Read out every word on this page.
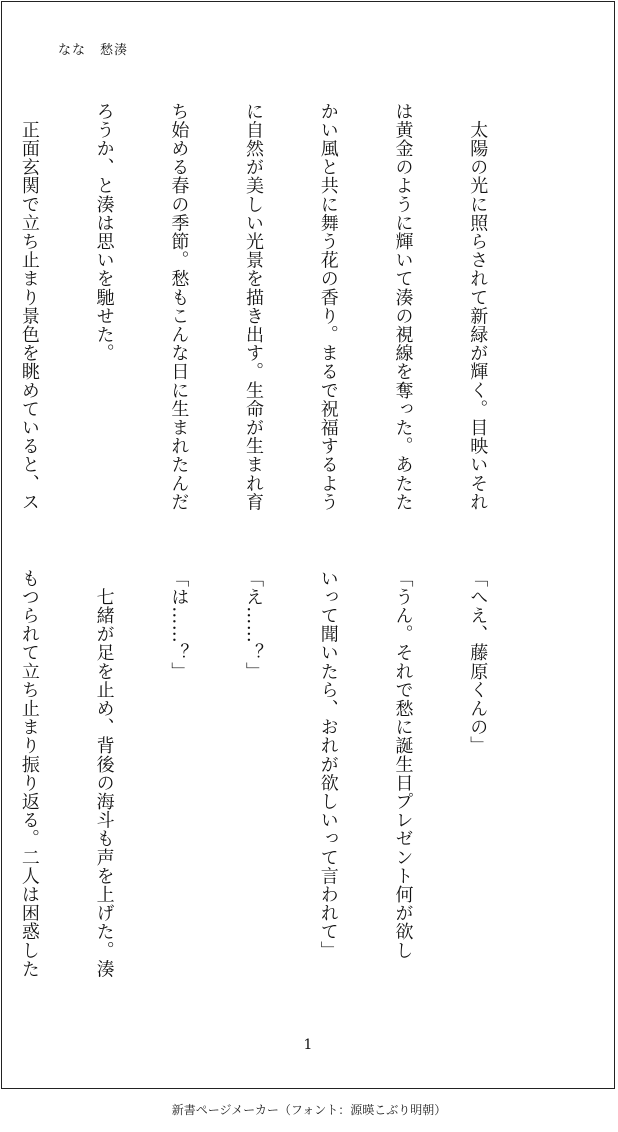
なな　愁湊

　太陽の光に照らされて新緑が輝く。目映いそれ

は黄金のように輝いて湊の視線を奪った。あたた

かい風と共に舞う花の香り。まるで祝福するよう

に自然が美しい光景を描き出す。生命が生まれ育

ち始める春の季節。愁もこんな日に生まれたんだ

ろうか、と湊は思いを馳せた。

　正面玄関で立ち止まり景色を眺めていると、ス

「へえ、藤原くんの」

「うん。それで愁に誕生日プレゼント何が欲し

いって聞いたら、おれが欲しいって言われて」

「え……？」

「は……？」

　七緒が足を止め、背後の海斗も声を上げた。湊

もつられて立ち止まり振り返る。二人は困惑した

1
新書ページメーカー（フォント：源暎こぶり明朝）
